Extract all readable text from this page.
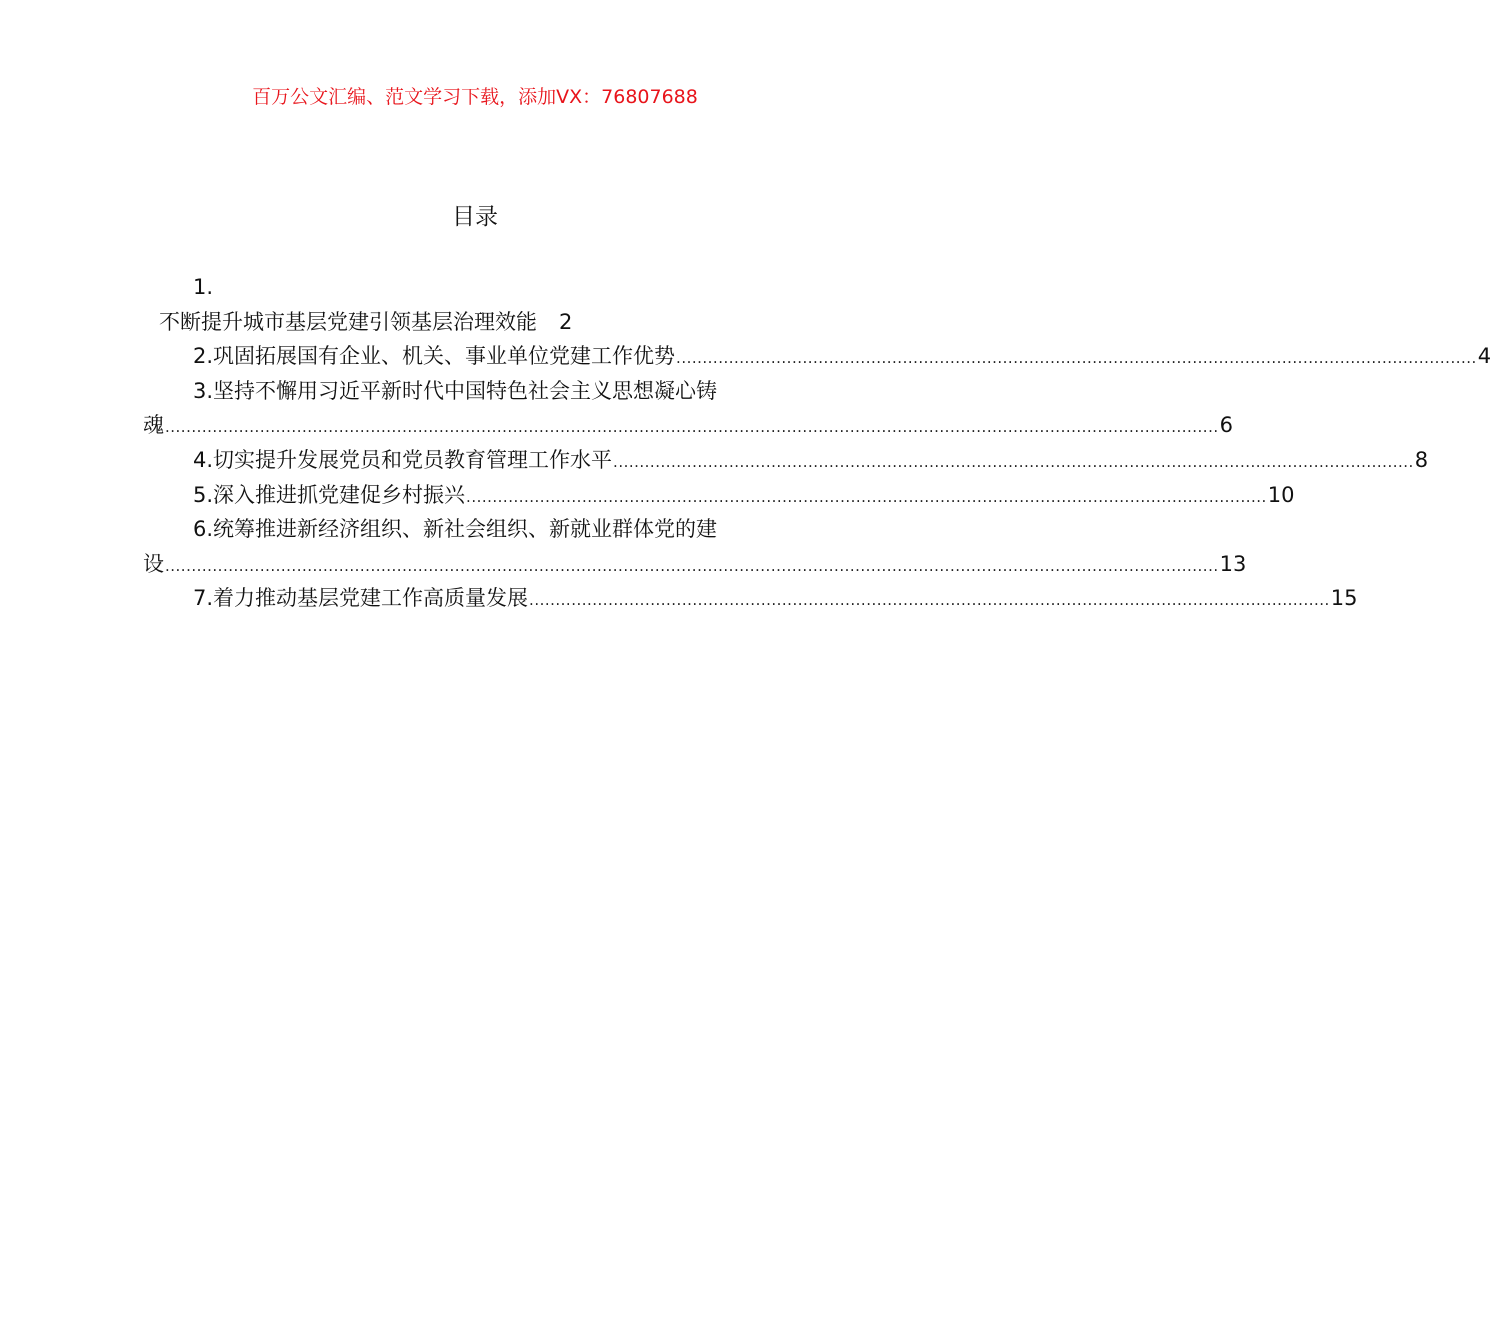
百万公文汇编、范文学习下载，添加VX：76807688
目录
1.
不断提升城市基层党建引领基层治理效能	2
2.巩固拓展国有企业、机关、事业单位党建工作优势 ........................................................................................................................................................ 4
3.坚持不懈用习近平新时代中国特色社会主义思想凝心铸
魂 ........................................................................................................................................................................................................ 6
4.切实提升发展党员和党员教育管理工作水平 ........................................................................................................................................................ 8
5.深入推进抓党建促乡村振兴 ........................................................................................................................................................ 10
6.统筹推进新经济组织、新社会组织、新就业群体党的建
设 ........................................................................................................................................................................................................ 13
7.着力推动基层党建工作高质量发展 ........................................................................................................................................................ 15
